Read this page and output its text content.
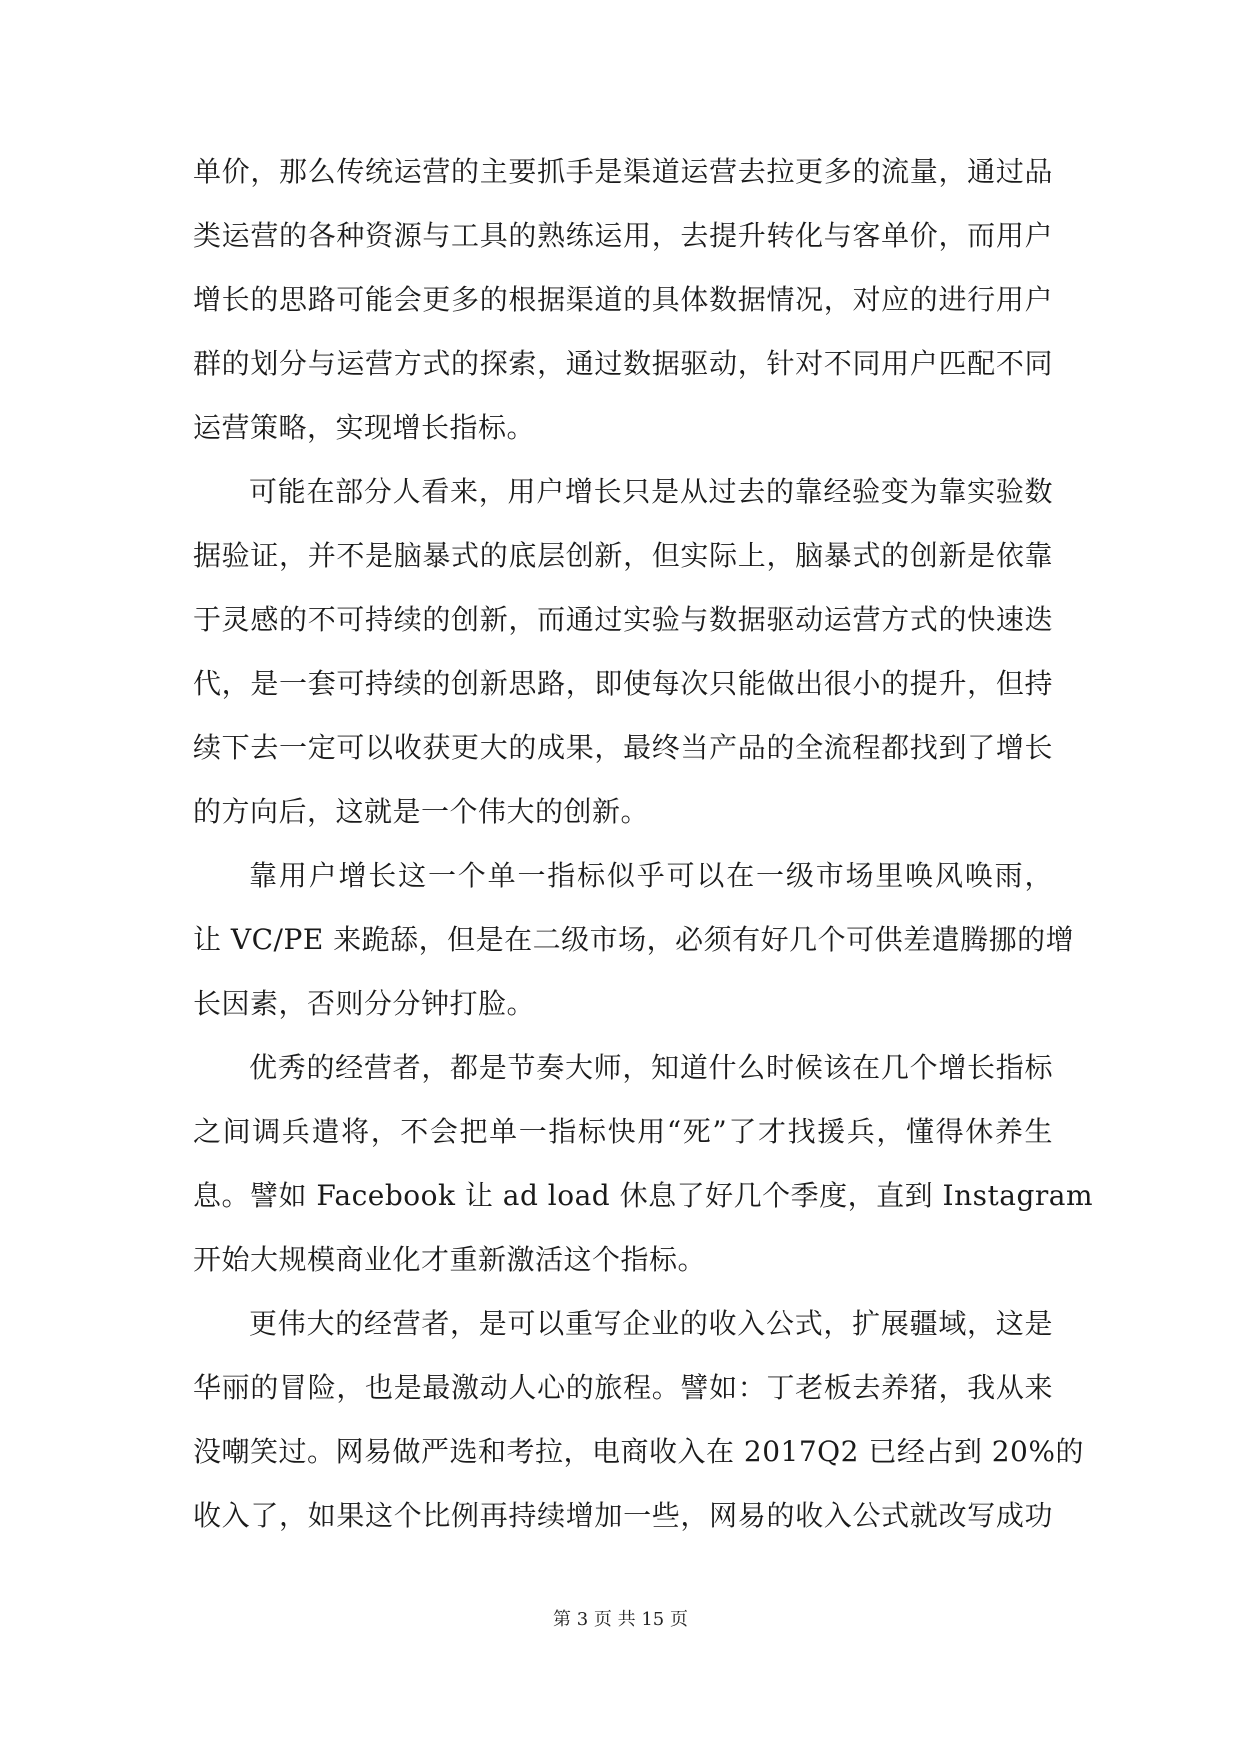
单价，那么传统运营的主要抓手是渠道运营去拉更多的流量，通过品
类运营的各种资源与工具的熟练运用，去提升转化与客单价，而用户
增长的思路可能会更多的根据渠道的具体数据情况，对应的进行用户
群的划分与运营方式的探索，通过数据驱动，针对不同用户匹配不同
运营策略，实现增长指标。
可能在部分人看来，用户增长只是从过去的靠经验变为靠实验数
据验证，并不是脑暴式的底层创新，但实际上，脑暴式的创新是依靠
于灵感的不可持续的创新，而通过实验与数据驱动运营方式的快速迭
代，是一套可持续的创新思路，即使每次只能做出很小的提升，但持
续下去一定可以收获更大的成果，最终当产品的全流程都找到了增长
的方向后，这就是一个伟大的创新。
靠用户增长这一个单一指标似乎可以在一级市场里唤风唤雨，
让 VC/PE 来跪舔，但是在二级市场，必须有好几个可供差遣腾挪的增
长因素，否则分分钟打脸。
优秀的经营者，都是节奏大师，知道什么时候该在几个增长指标
之间调兵遣将，不会把单一指标快用“死”了才找援兵，懂得休养生
息。譬如 Facebook 让 ad load 休息了好几个季度，直到 Instagram
开始大规模商业化才重新激活这个指标。
更伟大的经营者，是可以重写企业的收入公式，扩展疆域，这是
华丽的冒险，也是最激动人心的旅程。譬如：丁老板去养猪，我从来
没嘲笑过。网易做严选和考拉，电商收入在 2017Q2 已经占到 20%的
收入了，如果这个比例再持续增加一些，网易的收入公式就改写成功
第 3 页 共 15 页
